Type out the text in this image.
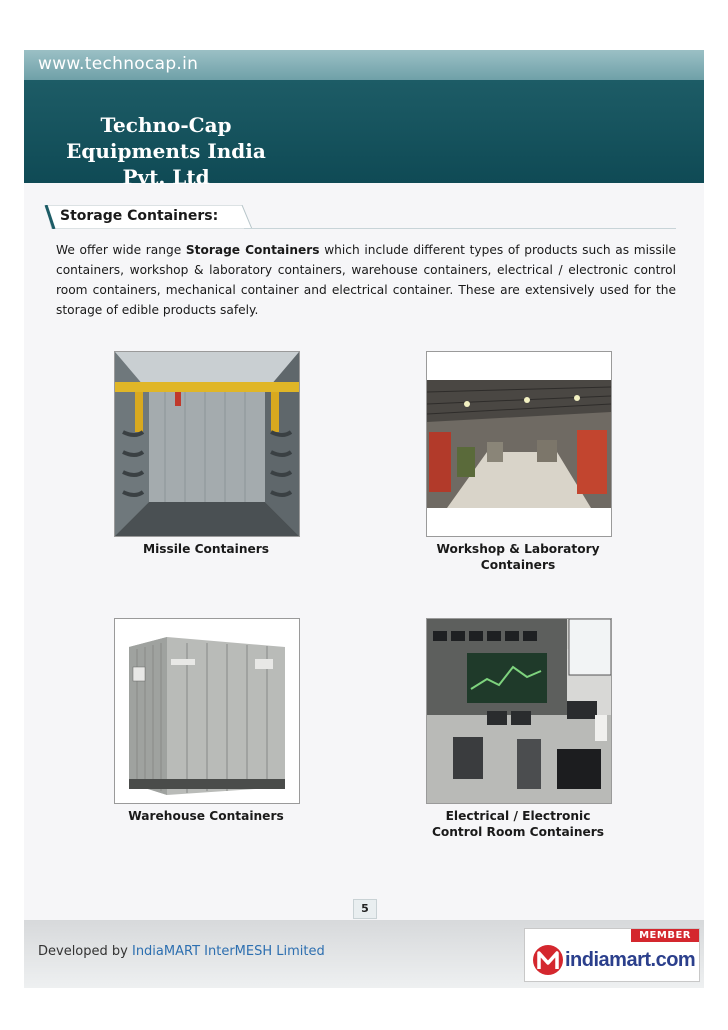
www.technocap.in
Techno-Cap Equipments India
Pvt. Ltd
Storage Containers:

We offer wide range Storage Containers which include different types of products such as missile containers, workshop & laboratory containers, warehouse containers, electrical / electronic control room containers, mechanical container and electrical container. These are extensively used for the storage of edible products safely.

Missile Containers	Workshop & Laboratory
Containers
Warehouse Containers	Electrical / Electronic
Control Room Containers
5
Developed by IndiaMART InterMESH Limited
MEMBER
indiamart.com
